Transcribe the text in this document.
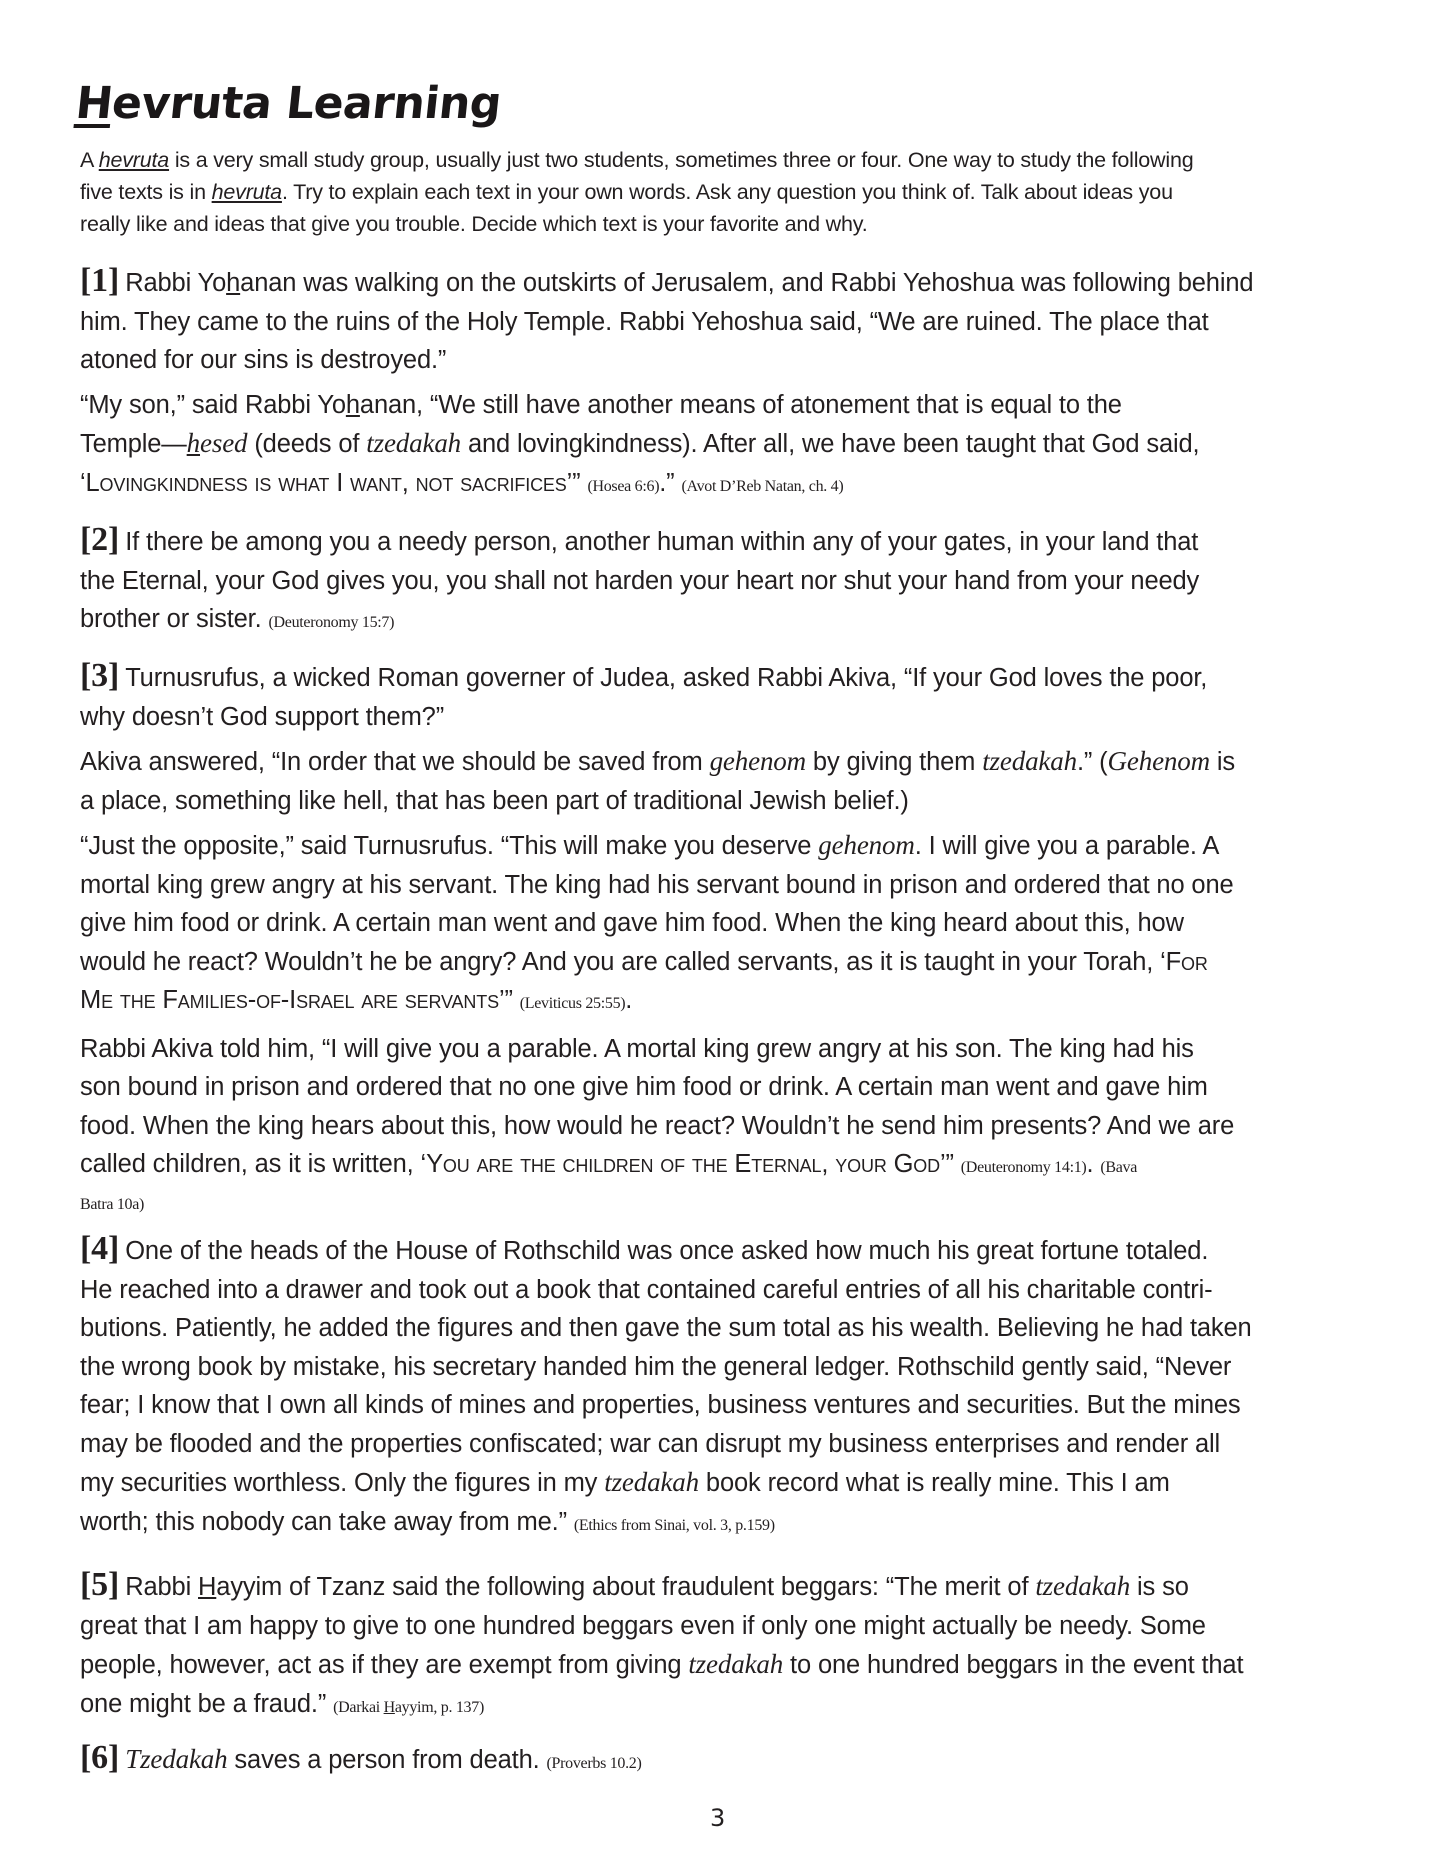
Hevruta Learning
A hevruta is a very small study group, usually just two students, sometimes three or four. One way to study the following
five texts is in hevruta. Try to explain each text in your own words. Ask any question you think of. Talk about ideas you
really like and ideas that give you trouble. Decide which text is your favorite and why.
[1] Rabbi Yohanan was walking on the outskirts of Jerusalem, and Rabbi Yehoshua was following behind
him. They came to the ruins of the Holy Temple. Rabbi Yehoshua said, “We are ruined. The place that
atoned for our sins is destroyed.”
“My son,” said Rabbi Yohanan, “We still have another means of atonement that is equal to the
Temple—hesed (deeds of tzedakah and lovingkindness). After all, we have been taught that God said,
‘Lovingkindness is what I want, not sacrifices’” (Hosea 6:6).” (Avot D’Reb Natan, ch. 4)
[2] If there be among you a needy person, another human within any of your gates, in your land that
the Eternal, your God gives you, you shall not harden your heart nor shut your hand from your needy
brother or sister. (Deuteronomy 15:7)
[3] Turnusrufus, a wicked Roman governer of Judea, asked Rabbi Akiva, “If your God loves the poor,
why doesn’t God support them?”
Akiva answered, “In order that we should be saved from gehenom by giving them tzedakah.” (Gehenom is
a place, something like hell, that has been part of traditional Jewish belief.)
“Just the opposite,” said Turnusrufus. “This will make you deserve gehenom. I will give you a parable. A
mortal king grew angry at his servant. The king had his servant bound in prison and ordered that no one
give him food or drink. A certain man went and gave him food. When the king heard about this, how
would he react? Wouldn’t he be angry? And you are called servants, as it is taught in your Torah, ‘For
Me the Families-of-Israel are servants’” (Leviticus 25:55).
Rabbi Akiva told him, “I will give you a parable. A mortal king grew angry at his son. The king had his
son bound in prison and ordered that no one give him food or drink. A certain man went and gave him
food. When the king hears about this, how would he react? Wouldn’t he send him presents? And we are
called children, as it is written, ‘You are the children of the Eternal, your God’” (Deuteronomy 14:1). (Bava
Batra 10a)
[4] One of the heads of the House of Rothschild was once asked how much his great fortune totaled.
He reached into a drawer and took out a book that contained careful entries of all his charitable contri-
butions. Patiently, he added the figures and then gave the sum total as his wealth. Believing he had taken
the wrong book by mistake, his secretary handed him the general ledger. Rothschild gently said, “Never
fear; I know that I own all kinds of mines and properties, business ventures and securities. But the mines
may be flooded and the properties confiscated; war can disrupt my business enterprises and render all
my securities worthless. Only the figures in my tzedakah book record what is really mine. This I am
worth; this nobody can take away from me.” (Ethics from Sinai, vol. 3, p.159)
[5] Rabbi Hayyim of Tzanz said the following about fraudulent beggars: “The merit of tzedakah is so
great that I am happy to give to one hundred beggars even if only one might actually be needy. Some
people, however, act as if they are exempt from giving tzedakah to one hundred beggars in the event that
one might be a fraud.” (Darkai Hayyim, p. 137)
[6] Tzedakah saves a person from death. (Proverbs 10.2)
3
